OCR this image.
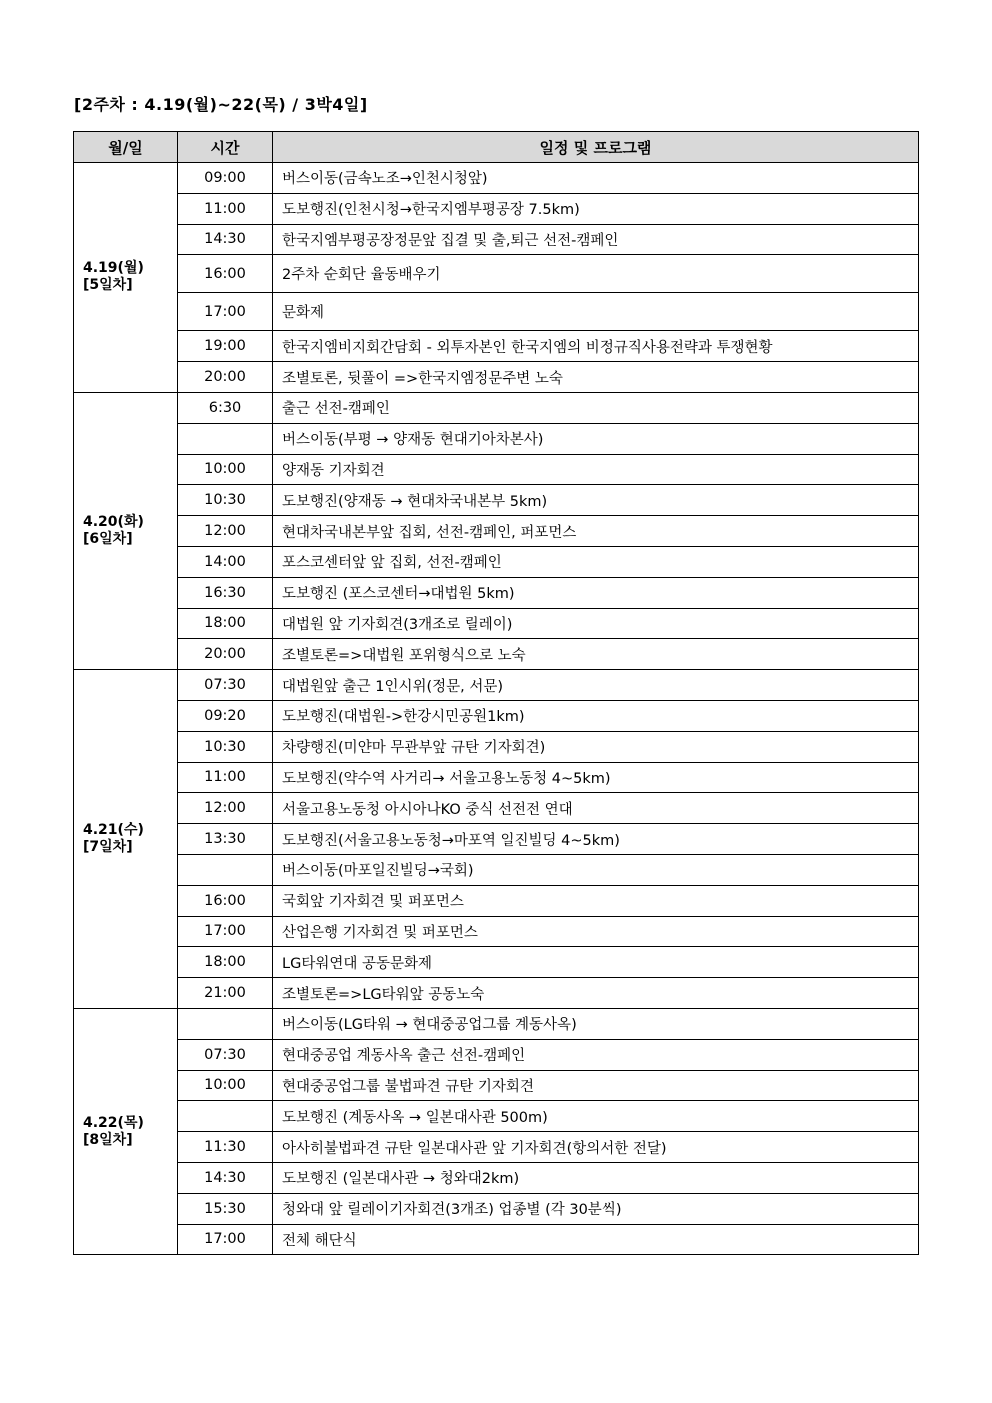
[2주차 : 4.19(월)~22(목) / 3박4일]
월/일	시간	일정 및 프로그램

4.19(월)
[5일차]	09:00	버스이동(금속노조→인천시청앞)
	11:00	도보행진(인천시청→한국지엠부평공장 7.5km)
	14:30	한국지엠부평공장정문앞 집결 및 출,퇴근 선전-캠페인
	16:00	2주차 순회단 율동배우기
	17:00	문화제
	19:00	한국지엠비지회간담회 - 외투자본인 한국지엠의 비정규직사용전략과 투쟁현황
	20:00	조별토론, 뒷풀이 =>한국지엠정문주변 노숙

4.20(화)
[6일차]	6:30	출근 선전-캠페인
		버스이동(부평 → 양재동 현대기아차본사)
	10:00	양재동 기자회견
	10:30	도보행진(양재동 → 현대차국내본부 5km)
	12:00	현대차국내본부앞 집회, 선전-캠페인, 퍼포먼스
	14:00	포스코센터앞 앞 집회, 선전-캠페인
	16:30	도보행진 (포스코센터→대법원 5km)
	18:00	대법원 앞 기자회견(3개조로 릴레이)
	20:00	조별토론=>대법원 포위형식으로 노숙

4.21(수)
[7일차]	07:30	대법원앞 출근 1인시위(정문, 서문)
	09:20	도보행진(대법원->한강시민공원1km)
	10:30	차량행진(미얀마 무관부앞 규탄 기자회견)
	11:00	도보행진(약수역 사거리→ 서울고용노동청 4~5km)
	12:00	서울고용노동청 아시아나KO 중식 선전전 연대
	13:30	도보행진(서울고용노동청→마포역 일진빌딩 4~5km)
		버스이동(마포일진빌딩→국회)
	16:00	국회앞 기자회견 및 퍼포먼스
	17:00	산업은행 기자회견 및 퍼포먼스
	18:00	LG타워연대 공동문화제
	21:00	조별토론=>LG타워앞 공동노숙

4.22(목)
[8일차]		버스이동(LG타워 → 현대중공업그룹 계동사옥)
	07:30	현대중공업 계동사옥 출근 선전-캠페인
	10:00	현대중공업그룹 불법파견 규탄 기자회견
		도보행진 (계동사옥 → 일본대사관 500m)
	11:30	아사히불법파견 규탄 일본대사관 앞 기자회견(항의서한 전달)
	14:30	도보행진 (일본대사관 → 청와대2km)
	15:30	청와대 앞 릴레이기자회견(3개조) 업종별 (각 30분씩)
	17:00	전체 해단식
